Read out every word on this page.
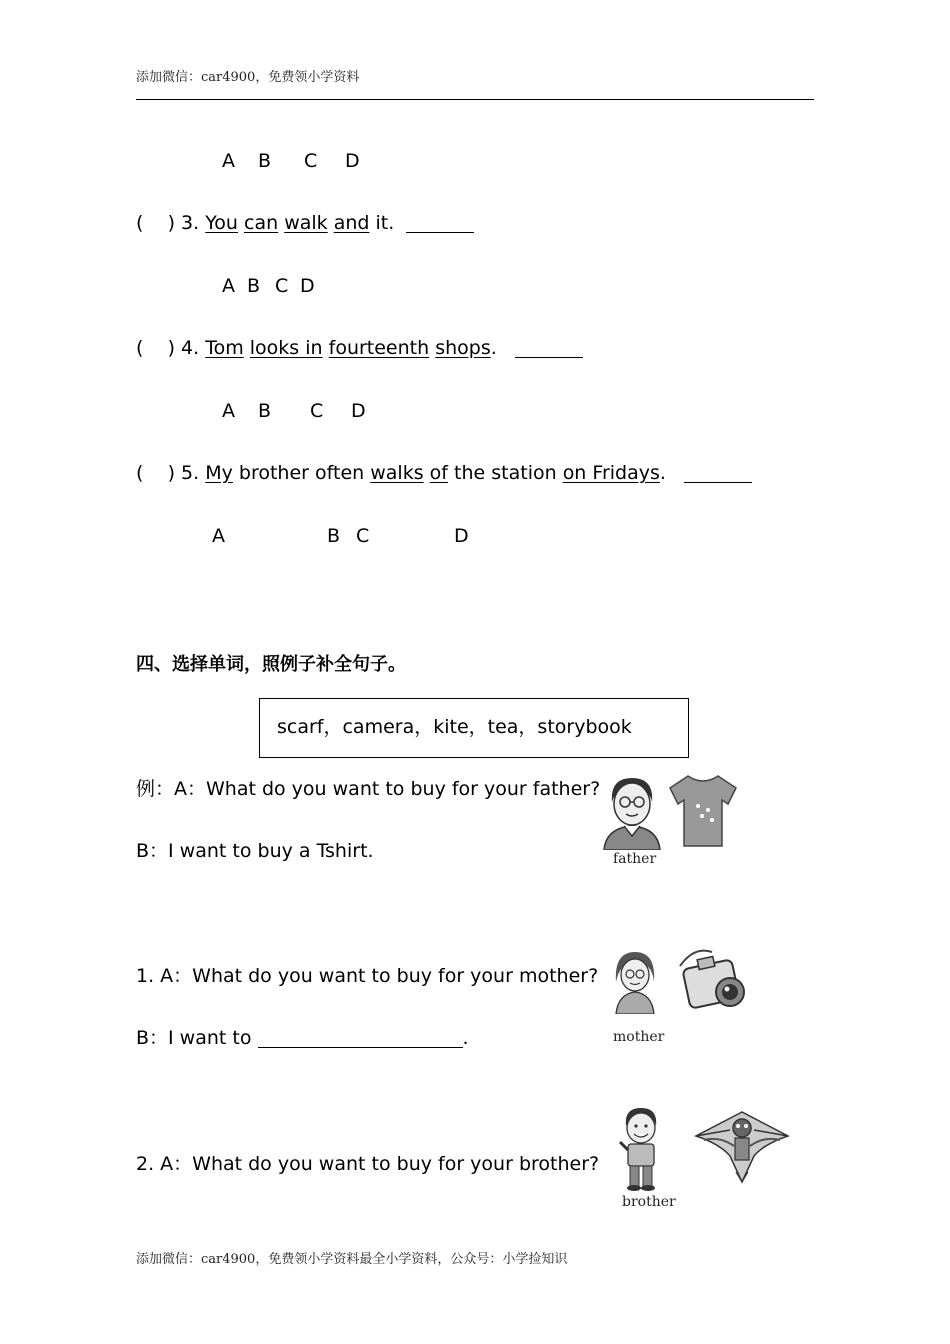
添加微信：car4900，免费领小学资料

A

B

C

D

(    ) 3. You can walk and it.

A

B

C

D

(    ) 4. Tom looks in fourteenth shops.

A

B

C

D

(    ) 5. My brother often walks of the station on Fridays.

A

	B

C

	D

四、选择单词，照例子补全句子。
scarf，camera，kite，tea，storybook
例：A：What do you want to buy for your father?
B：I want to buy a Tshirt.	father
1. A：What do you want to buy for your mother?
B：I want to	.	mother
2. A：What do you want to buy for your brother?
brother
添加微信：car4900，免费领小学资料最全小学资料，公众号：小学捡知识
